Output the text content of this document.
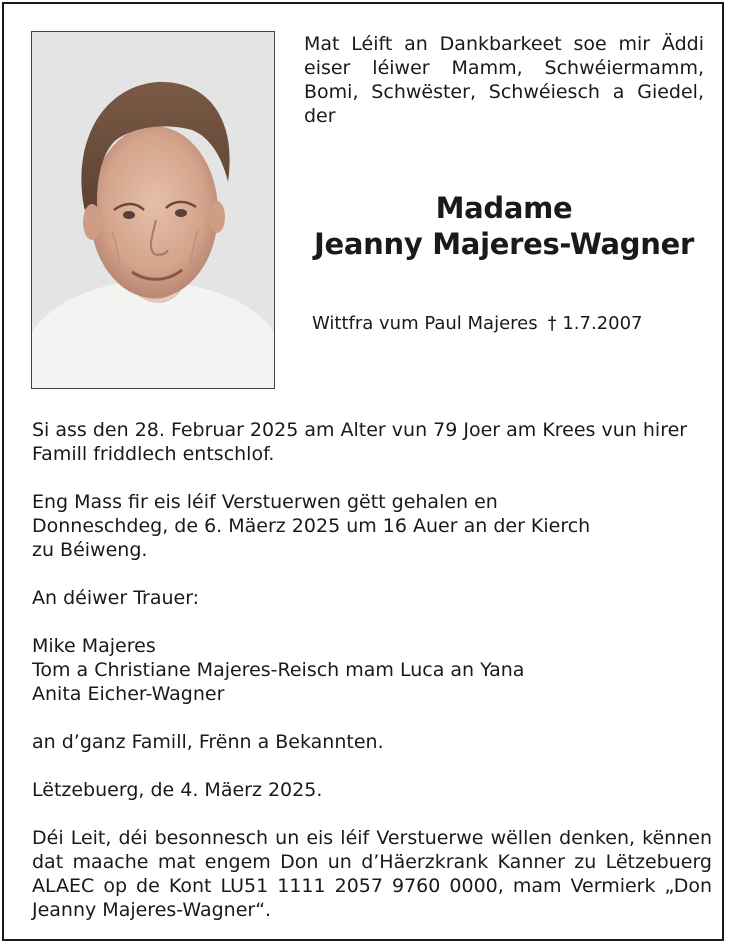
Mat Léift an Dankbarkeet soe mir Äddi eiser léiwer Mamm, Schwéiermamm, Bomi, Schwëster, Schwéiesch a Giedel, der

Madame

Jeanny Majeres-Wagner

Wittfra vum Paul Majeres † 1.7.2007

Si ass den 28. Februar 2025 am Alter vun 79 Joer am Krees vun hirer Famill friddlech entschlof.

Eng Mass fir eis léif Verstuerwen gëtt gehalen en
Donneschdeg, de 6. Mäerz 2025 um 16 Auer an der Kierch
zu Béiweng.

An déiwer Trauer:

Mike Majeres

Tom a Christiane Majeres-Reisch mam Luca an Yana

Anita Eicher-Wagner

an d’ganz Famill, Frënn a Bekannten.

Lëtzebuerg, de 4. Mäerz 2025.

Déi Leit, déi besonnesch un eis léif Verstuerwe wëllen denken, kënnen dat maache mat engem Don un d’Häerzkrank Kanner zu Lëtzebuerg ALAEC op de Kont LU51 1111 2057 9760 0000, mam Vermierk „Don Jeanny Majeres-Wagner“.
